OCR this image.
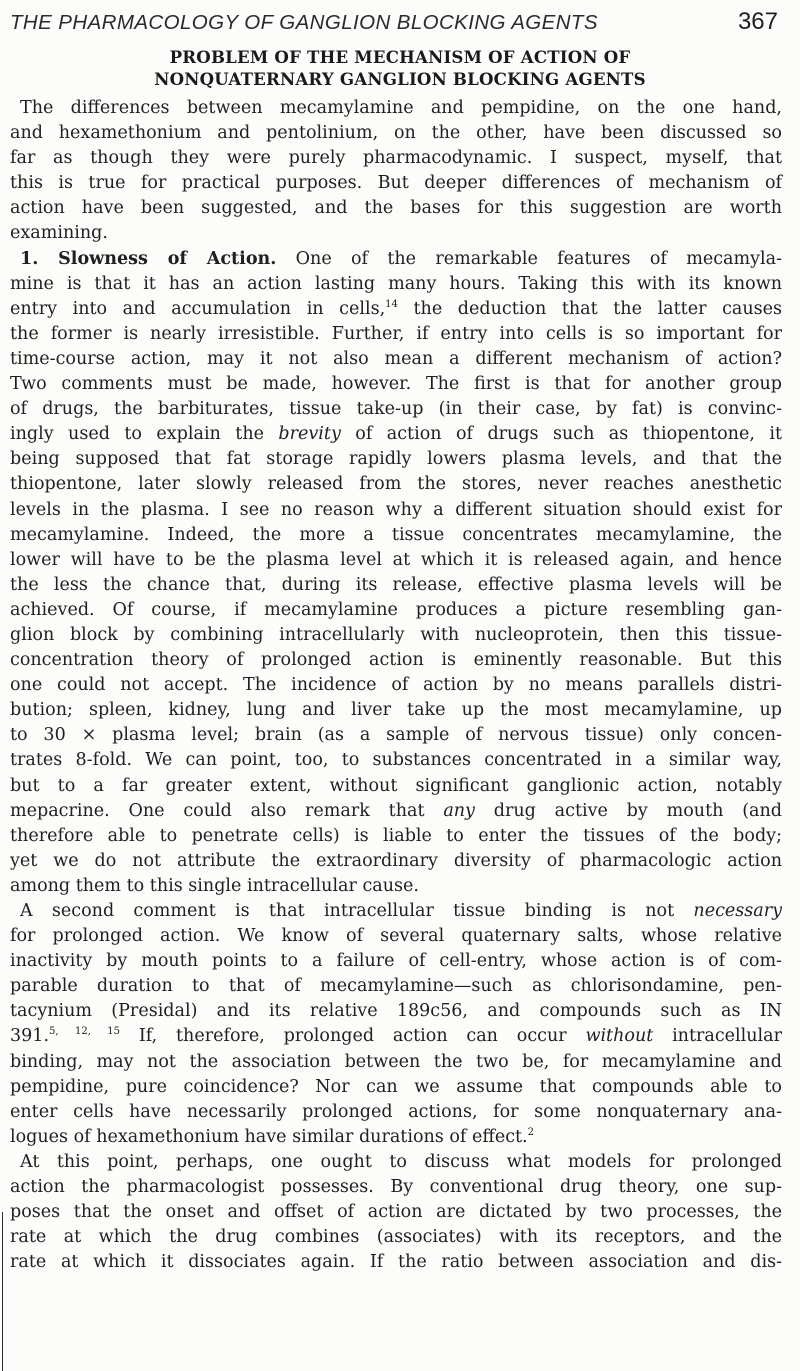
THE PHARMACOLOGY OF GANGLION BLOCKING AGENTS	367
PROBLEM OF THE MECHANISM OF ACTION OF
NONQUATERNARY GANGLION BLOCKING AGENTS
The differences between mecamylamine and pempidine, on the one hand,
and hexamethonium and pentolinium, on the other, have been discussed so
far as though they were purely pharmacodynamic. I suspect, myself, that
this is true for practical purposes. But deeper differences of mechanism of
action have been suggested, and the bases for this suggestion are worth
examining.
1. Slowness of Action. One of the remarkable features of mecamyla-
mine is that it has an action lasting many hours. Taking this with its known
entry into and accumulation in cells,$^{14}$ the deduction that the latter causes
the former is nearly irresistible. Further, if entry into cells is so important for
time-course action, may it not also mean a different mechanism of action?
Two comments must be made, however. The first is that for another group
of drugs, the barbiturates, tissue take-up (in their case, by fat) is convinc-
ingly used to explain the brevity of action of drugs such as thiopentone, it
being supposed that fat storage rapidly lowers plasma levels, and that the
thiopentone, later slowly released from the stores, never reaches anesthetic
levels in the plasma. I see no reason why a different situation should exist for
mecamylamine. Indeed, the more a tissue concentrates mecamylamine, the
lower will have to be the plasma level at which it is released again, and hence
the less the chance that, during its release, effective plasma levels will be
achieved. Of course, if mecamylamine produces a picture resembling gan-
glion block by combining intracellularly with nucleoprotein, then this tissue-
concentration theory of prolonged action is eminently reasonable. But this
one could not accept. The incidence of action by no means parallels distri-
bution; spleen, kidney, lung and liver take up the most mecamylamine, up
to 30 × plasma level; brain (as a sample of nervous tissue) only concen-
trates 8-fold. We can point, too, to substances concentrated in a similar way,
but to a far greater extent, without significant ganglionic action, notably
mepacrine. One could also remark that any drug active by mouth (and
therefore able to penetrate cells) is liable to enter the tissues of the body;
yet we do not attribute the extraordinary diversity of pharmacologic action
among them to this single intracellular cause.
A second comment is that intracellular tissue binding is not necessary
for prolonged action. We know of several quaternary salts, whose relative
inactivity by mouth points to a failure of cell-entry, whose action is of com-
parable duration to that of mecamylamine—such as chlorisondamine, pen-
tacynium (Presidal) and its relative 189c56, and compounds such as IN
391.$^{5, 12, 15}$ If, therefore, prolonged action can occur without intracellular
binding, may not the association between the two be, for mecamylamine and
pempidine, pure coincidence? Nor can we assume that compounds able to
enter cells have necessarily prolonged actions, for some nonquaternary ana-
logues of hexamethonium have similar durations of effect.$^2$
At this point, perhaps, one ought to discuss what models for prolonged
action the pharmacologist possesses. By conventional drug theory, one sup-
poses that the onset and offset of action are dictated by two processes, the
rate at which the drug combines (associates) with its receptors, and the
rate at which it dissociates again. If the ratio between association and dis-
